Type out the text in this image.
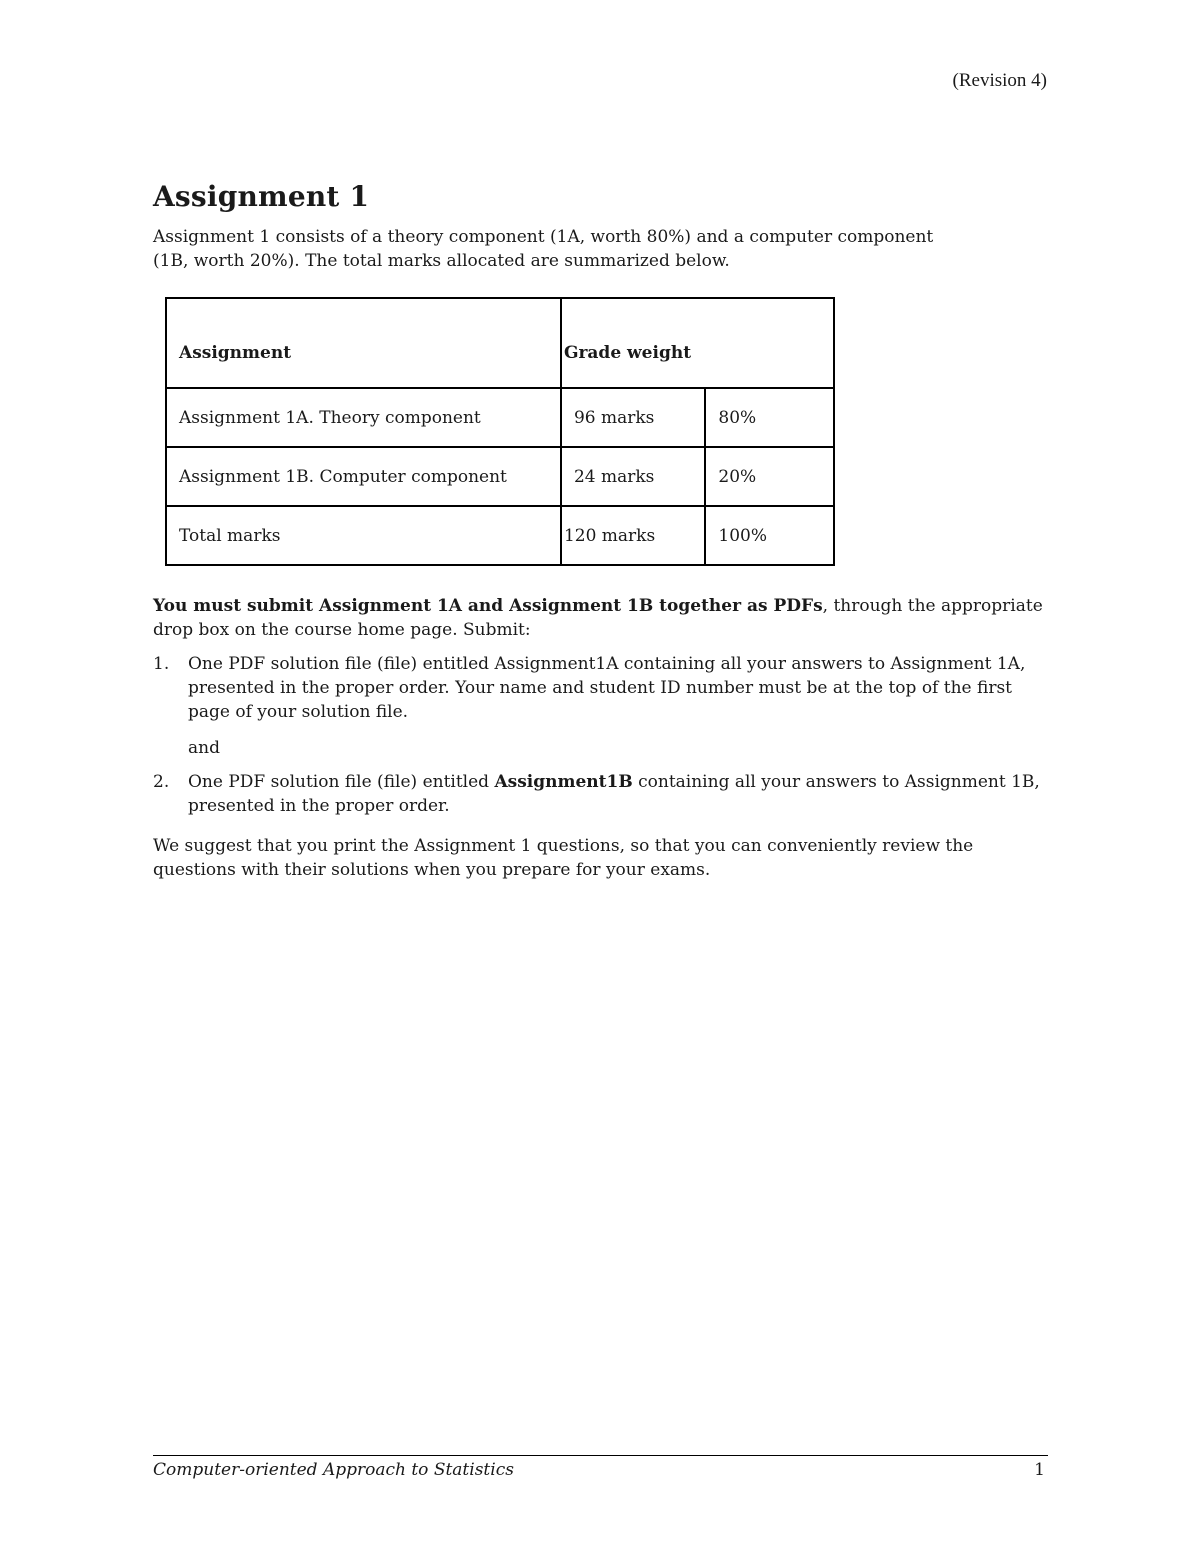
(Revision 4)
Assignment 1

Assignment 1 consists of a theory component (1A, worth 80%) and a computer component (1B, worth 20%). The total marks allocated are summarized below.

Assignment	Grade weight	
Assignment 1A. Theory component	96 marks	80%
Assignment 1B. Computer component	24 marks	20%
Total marks	120 marks	100%

You must submit Assignment 1A and Assignment 1B together as PDFs, through the appropriate drop box on the course home page. Submit:

1. One PDF solution file (file) entitled Assignment1A containing all your answers to Assignment 1A, presented in the proper order. Your name and student ID number must be at the top of the first page of your solution file.
and
2. One PDF solution file (file) entitled Assignment1B containing all your answers to Assignment 1B, presented in the proper order.

We suggest that you print the Assignment 1 questions, so that you can conveniently review the questions with their solutions when you prepare for your exams.

Computer-oriented Approach to Statistics	1
